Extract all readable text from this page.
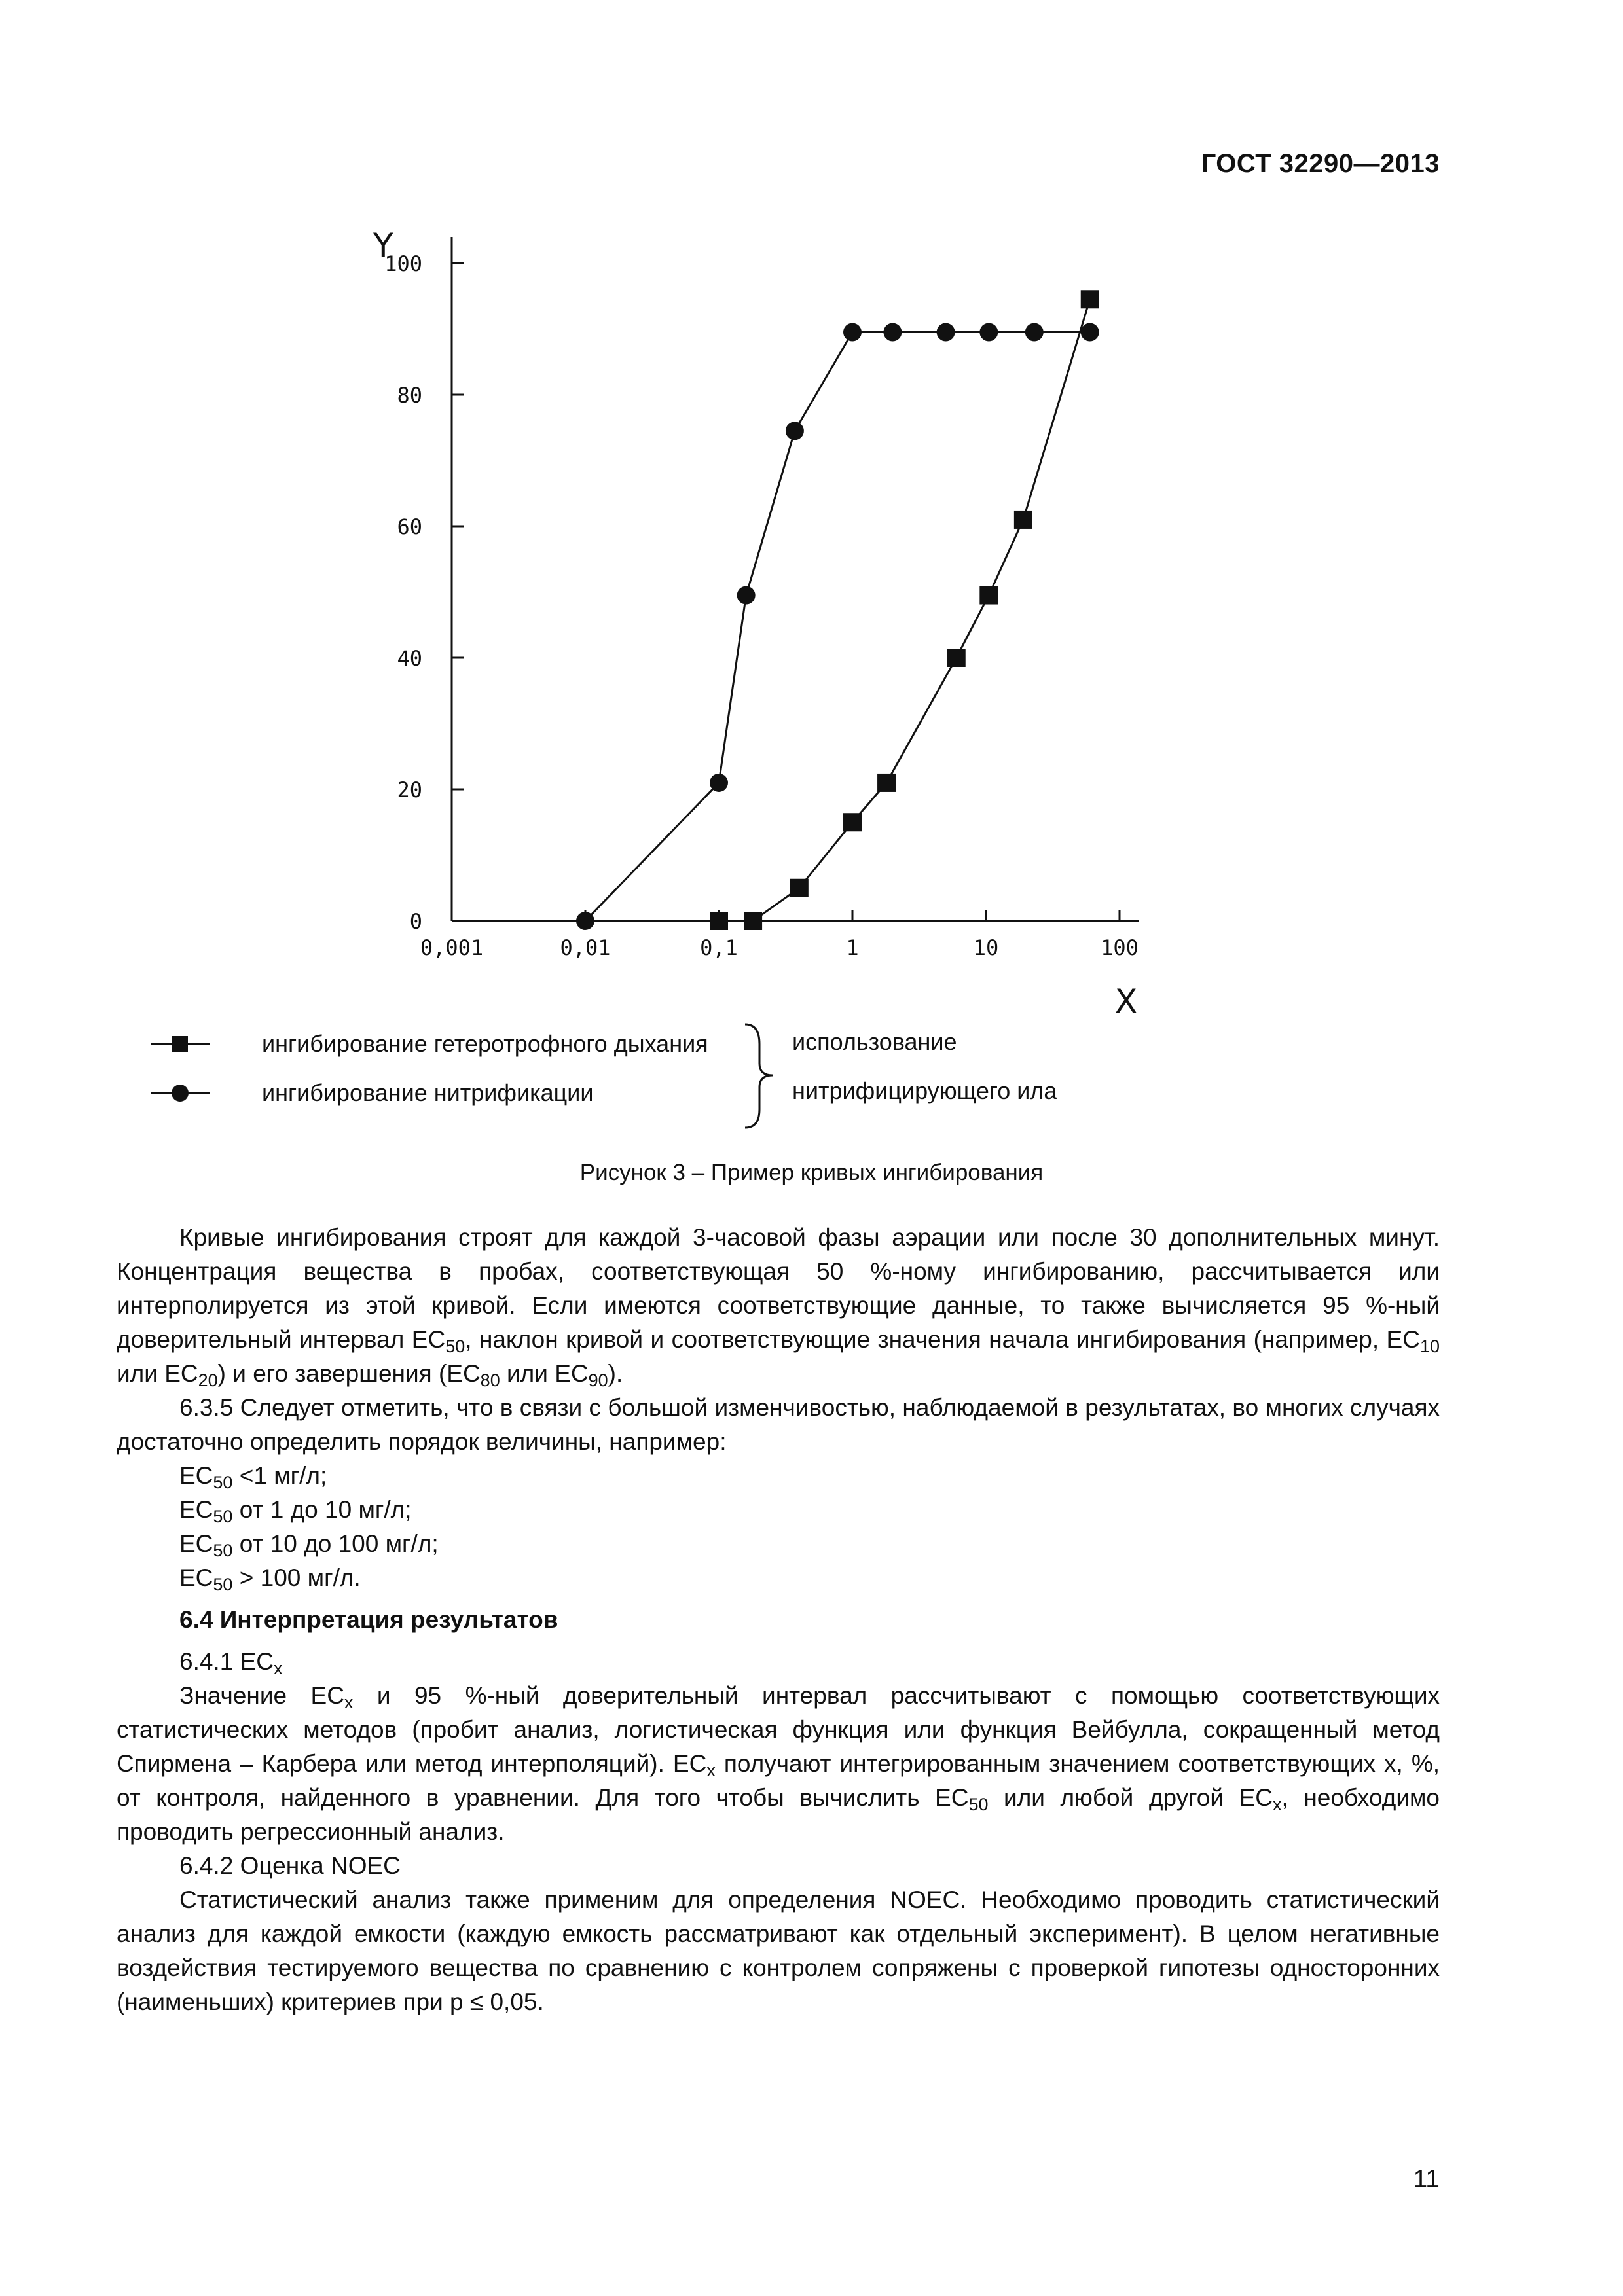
ГОСТ 32290—2013
0
20
40
60
80
100
0,001	0,01	0,1	1	10	100
Y
X
ингибирование гетеротрофного дыхания
ингибирование нитрификации
использование
нитрифицирующего ила
Рисунок 3 – Пример кривых ингибирования

Кривые ингибирования строят для каждой 3-часовой фазы аэрации или после 30 дополнительных минут. Концентрация вещества в пробах, соответствующая 50 %-ному ингибированию, рассчитывается или интерполируется из этой кривой. Если имеются соответствующие данные, то также вычисляется 95 %-ный доверительный интервал $EC_{50}$, наклон кривой и соответствующие значения начала ингибирования (например, $EC_{10}$ или $EC_{20}$) и его завершения ($EC_{80}$ или $EC_{90}$).

6.3.5 Следует отметить, что в связи с большой изменчивостью, наблюдаемой в результатах, во многих случаях достаточно определить порядок величины, например:

$EC_{50} <1$ мг/л;

$EC_{50}$ от 1 до 10 мг/л;

$EC_{50}$ от 10 до 100 мг/л;

$EC_{50} > 100$ мг/л.

6.4 Интерпретация результатов

6.4.1 $EC_x$

Значение $EC_x$ и 95 %-ный доверительный интервал рассчитывают с помощью соответствующих статистических методов (пробит анализ, логистическая функция или функция Вейбулла, сокращенный метод Спирмена – Карбера или метод интерполяций). $EC_x$ получают интегрированным значением соответствующих x, %, от контроля, найденного в уравнении. Для того чтобы вычислить $EC_{50}$ или любой другой $EC_x$, необходимо проводить регрессионный анализ.

6.4.2 Оценка NOEC

Статистический анализ также применим для определения NOEC. Необходимо проводить статистический анализ для каждой емкости (каждую емкость рассматривают как отдельный эксперимент). В целом негативные воздействия тестируемого вещества по сравнению с контролем сопряжены с проверкой гипотезы односторонних (наименьших) критериев при p ≤ 0,05.

11
